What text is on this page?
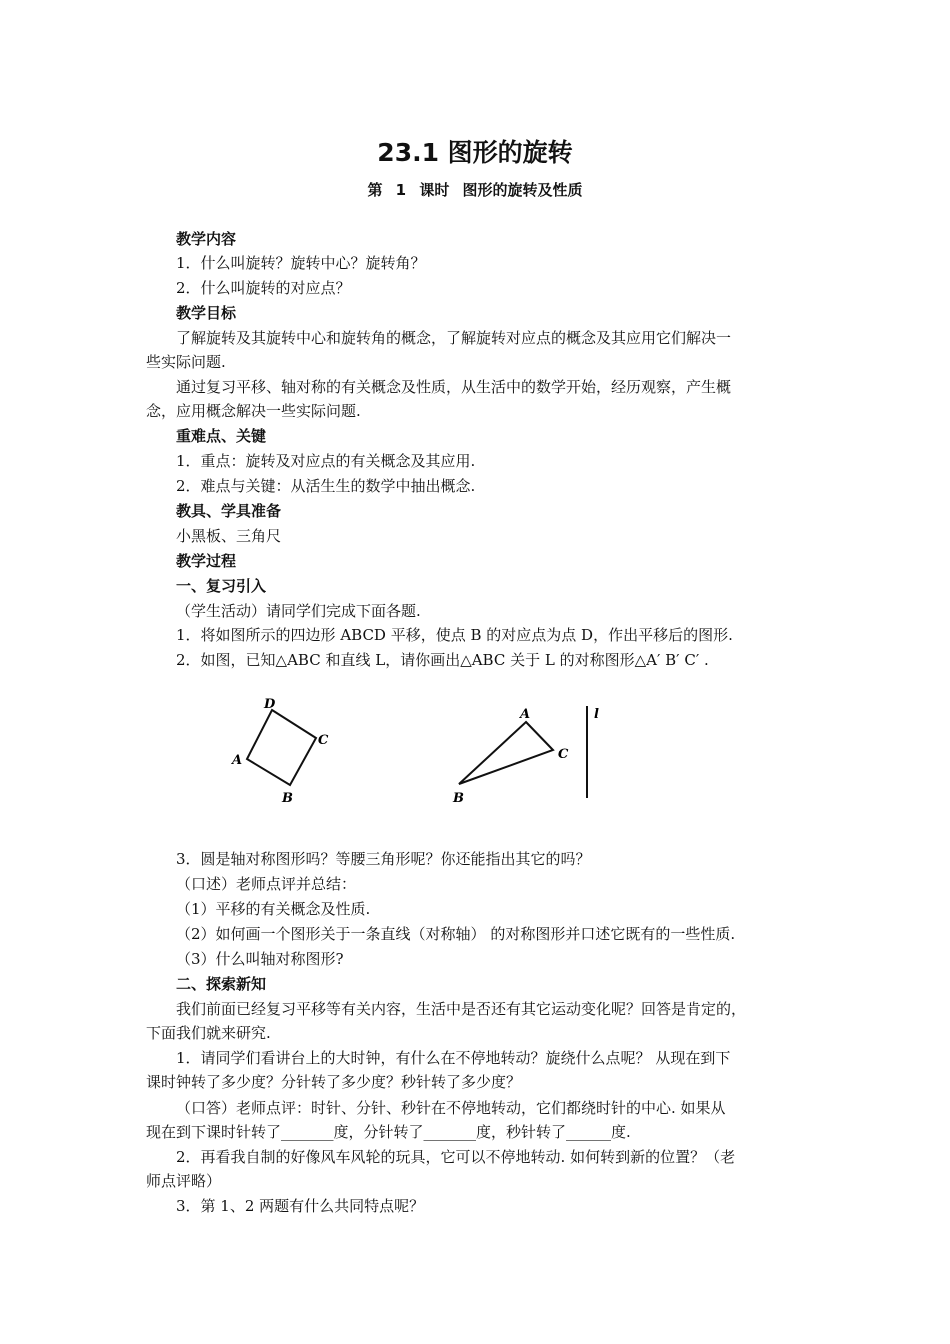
23.1 图形的旋转
第 1 课时 图形的旋转及性质
教学内容
1．什么叫旋转？旋转中心？旋转角？
2．什么叫旋转的对应点？
教学目标
了解旋转及其旋转中心和旋转角的概念，了解旋转对应点的概念及其应用它们解决一
些实际问题.
通过复习平移、轴对称的有关概念及性质，从生活中的数学开始，经历观察，产生概
念，应用概念解决一些实际问题.
重难点、关键
1．重点：旋转及对应点的有关概念及其应用.
2．难点与关键：从活生生的数学中抽出概念.
教具、学具准备
小黑板、三角尺
教学过程
一、复习引入
（学生活动）请同学们完成下面各题.
1．将如图所示的四边形 ABCD 平移，使点 B 的对应点为点 D，作出平移后的图形.
2．如图，已知△ABC 和直线 L，请你画出△ABC 关于 L 的对称图形△A′ B′ C′ .
D
C
A
B
A
C
B
l
3．圆是轴对称图形吗？等腰三角形呢？你还能指出其它的吗？
（口述）老师点评并总结：
（1）平移的有关概念及性质.
（2）如何画一个图形关于一条直线（对称轴） 的对称图形并口述它既有的一些性质.
（3）什么叫轴对称图形?
二、探索新知
我们前面已经复习平移等有关内容，生活中是否还有其它运动变化呢？回答是肯定的，
下面我们就来研究.
1．请同学们看讲台上的大时钟，有什么在不停地转动？旋绕什么点呢？ 从现在到下
课时钟转了多少度？分针转了多少度？秒针转了多少度？
（口答）老师点评：时针、分针、秒针在不停地转动，它们都绕时针的中心. 如果从
现在到下课时针转了_______度，分针转了_______度，秒针转了______度.
2．再看我自制的好像风车风轮的玩具，它可以不停地转动. 如何转到新的位置？（老
师点评略）
3．第 1、2 两题有什么共同特点呢？
